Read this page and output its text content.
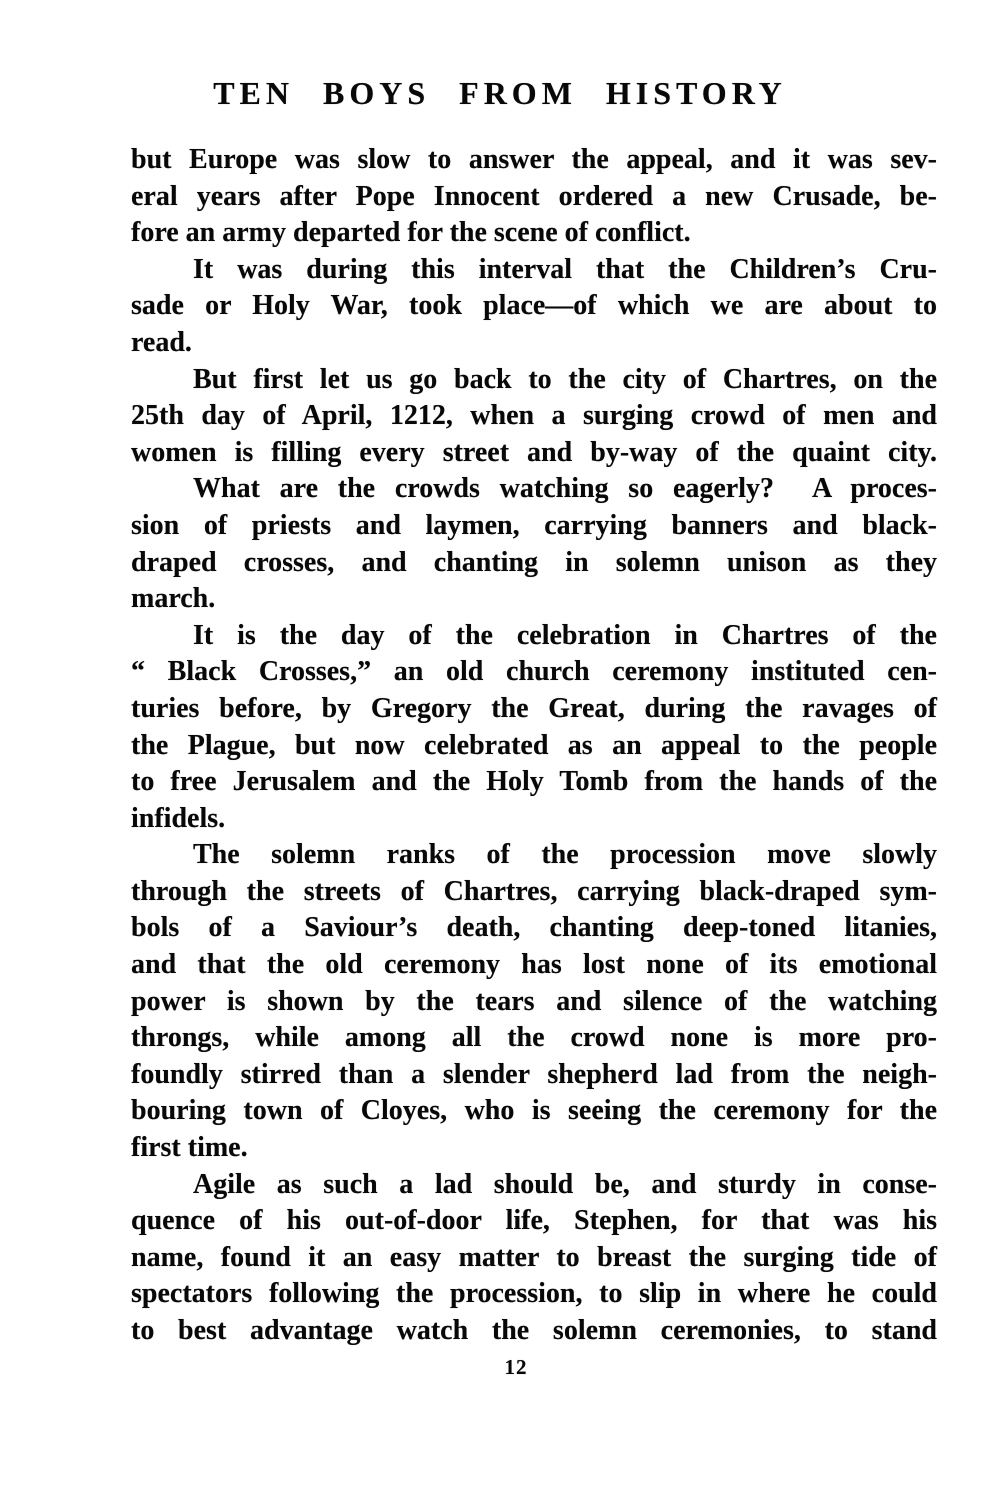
TEN BOYS FROM HISTORY
but Europe was slow to answer the appeal, and it was sev-
eral years after Pope Innocent ordered a new Crusade, be-
fore an army departed for the scene of conflict.
It was during this interval that the Children’s Cru-
sade or Holy War, took place—of which we are about to
read.
But first let us go back to the city of Chartres, on the
25th day of April, 1212, when a surging crowd of men and
women is filling every street and by-way of the quaint city.
What are the crowds watching so eagerly?  A proces-
sion of priests and laymen, carrying banners and black-
draped crosses, and chanting in solemn unison as they
march.
It is the day of the celebration in Chartres of the
“ Black Crosses,” an old church ceremony instituted cen-
turies before, by Gregory the Great, during the ravages of
the Plague, but now celebrated as an appeal to the people
to free Jerusalem and the Holy Tomb from the hands of the
infidels.
The solemn ranks of the procession move slowly
through the streets of Chartres, carrying black-draped sym-
bols of a Saviour’s death, chanting deep-toned litanies,
and that the old ceremony has lost none of its emotional
power is shown by the tears and silence of the watching
throngs, while among all the crowd none is more pro-
foundly stirred than a slender shepherd lad from the neigh-
bouring town of Cloyes, who is seeing the ceremony for the
first time.
Agile as such a lad should be, and sturdy in conse-
quence of his out-of-door life, Stephen, for that was his
name, found it an easy matter to breast the surging tide of
spectators following the procession, to slip in where he could
to best advantage watch the solemn ceremonies, to stand
12
